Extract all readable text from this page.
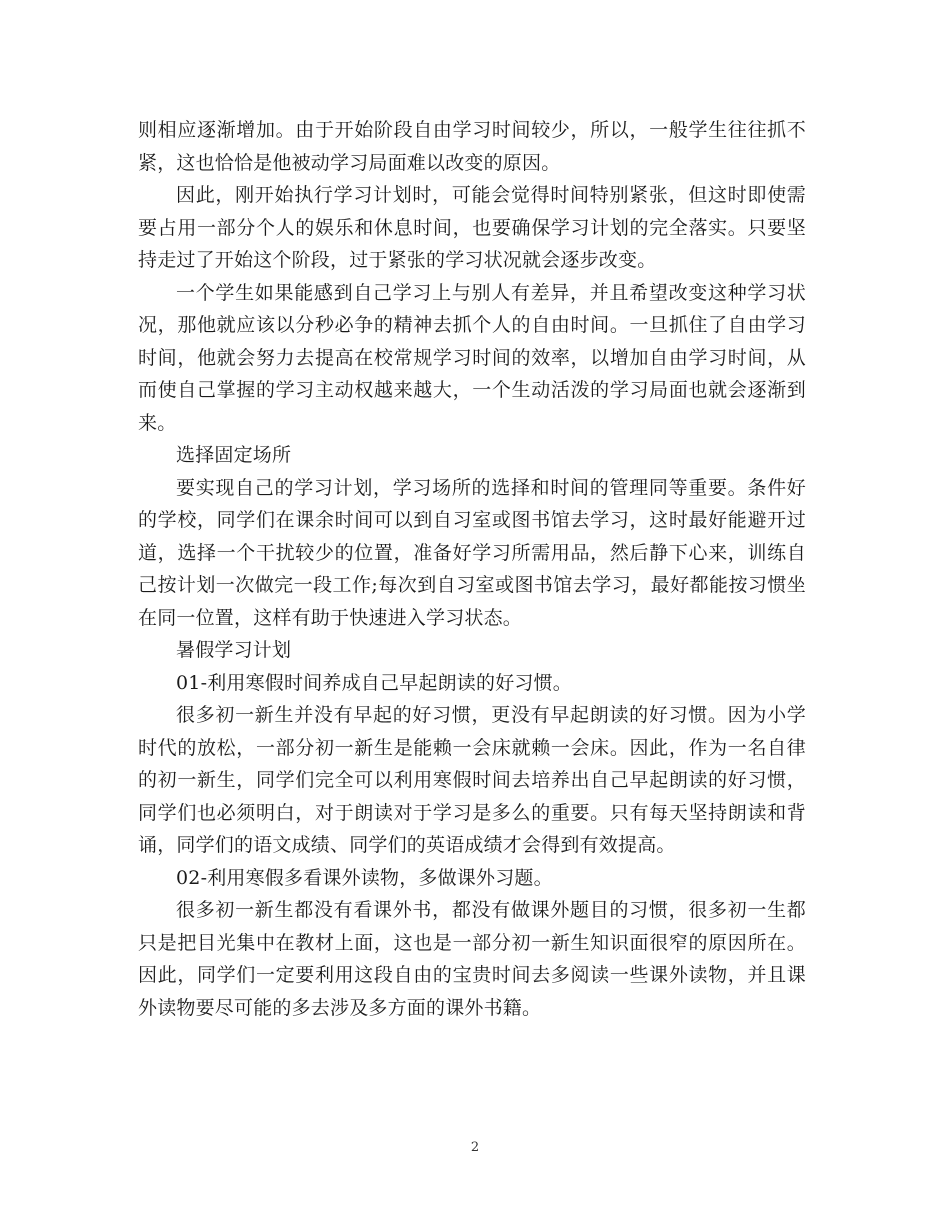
则相应逐渐增加。由于开始阶段自由学习时间较少，所以，一般学生往往抓不紧，这也恰恰是他被动学习局面难以改变的原因。

因此，刚开始执行学习计划时，可能会觉得时间特别紧张，但这时即使需要占用一部分个人的娱乐和休息时间，也要确保学习计划的完全落实。只要坚持走过了开始这个阶段，过于紧张的学习状况就会逐步改变。

一个学生如果能感到自己学习上与别人有差异，并且希望改变这种学习状况，那他就应该以分秒必争的精神去抓个人的自由时间。一旦抓住了自由学习时间，他就会努力去提高在校常规学习时间的效率，以增加自由学习时间，从而使自己掌握的学习主动权越来越大，一个生动活泼的学习局面也就会逐渐到来。

选择固定场所

要实现自己的学习计划，学习场所的选择和时间的管理同等重要。条件好的学校，同学们在课余时间可以到自习室或图书馆去学习，这时最好能避开过道，选择一个干扰较少的位置，准备好学习所需用品，然后静下心来，训练自己按计划一次做完一段工作;每次到自习室或图书馆去学习，最好都能按习惯坐在同一位置，这样有助于快速进入学习状态。

暑假学习计划

01-利用寒假时间养成自己早起朗读的好习惯。

很多初一新生并没有早起的好习惯，更没有早起朗读的好习惯。因为小学时代的放松，一部分初一新生是能赖一会床就赖一会床。因此，作为一名自律的初一新生，同学们完全可以利用寒假时间去培养出自己早起朗读的好习惯，同学们也必须明白，对于朗读对于学习是多么的重要。只有每天坚持朗读和背诵，同学们的语文成绩、同学们的英语成绩才会得到有效提高。

02-利用寒假多看课外读物，多做课外习题。

很多初一新生都没有看课外书，都没有做课外题目的习惯，很多初一生都只是把目光集中在教材上面，这也是一部分初一新生知识面很窄的原因所在。因此，同学们一定要利用这段自由的宝贵时间去多阅读一些课外读物，并且课外读物要尽可能的多去涉及多方面的课外书籍。

2
